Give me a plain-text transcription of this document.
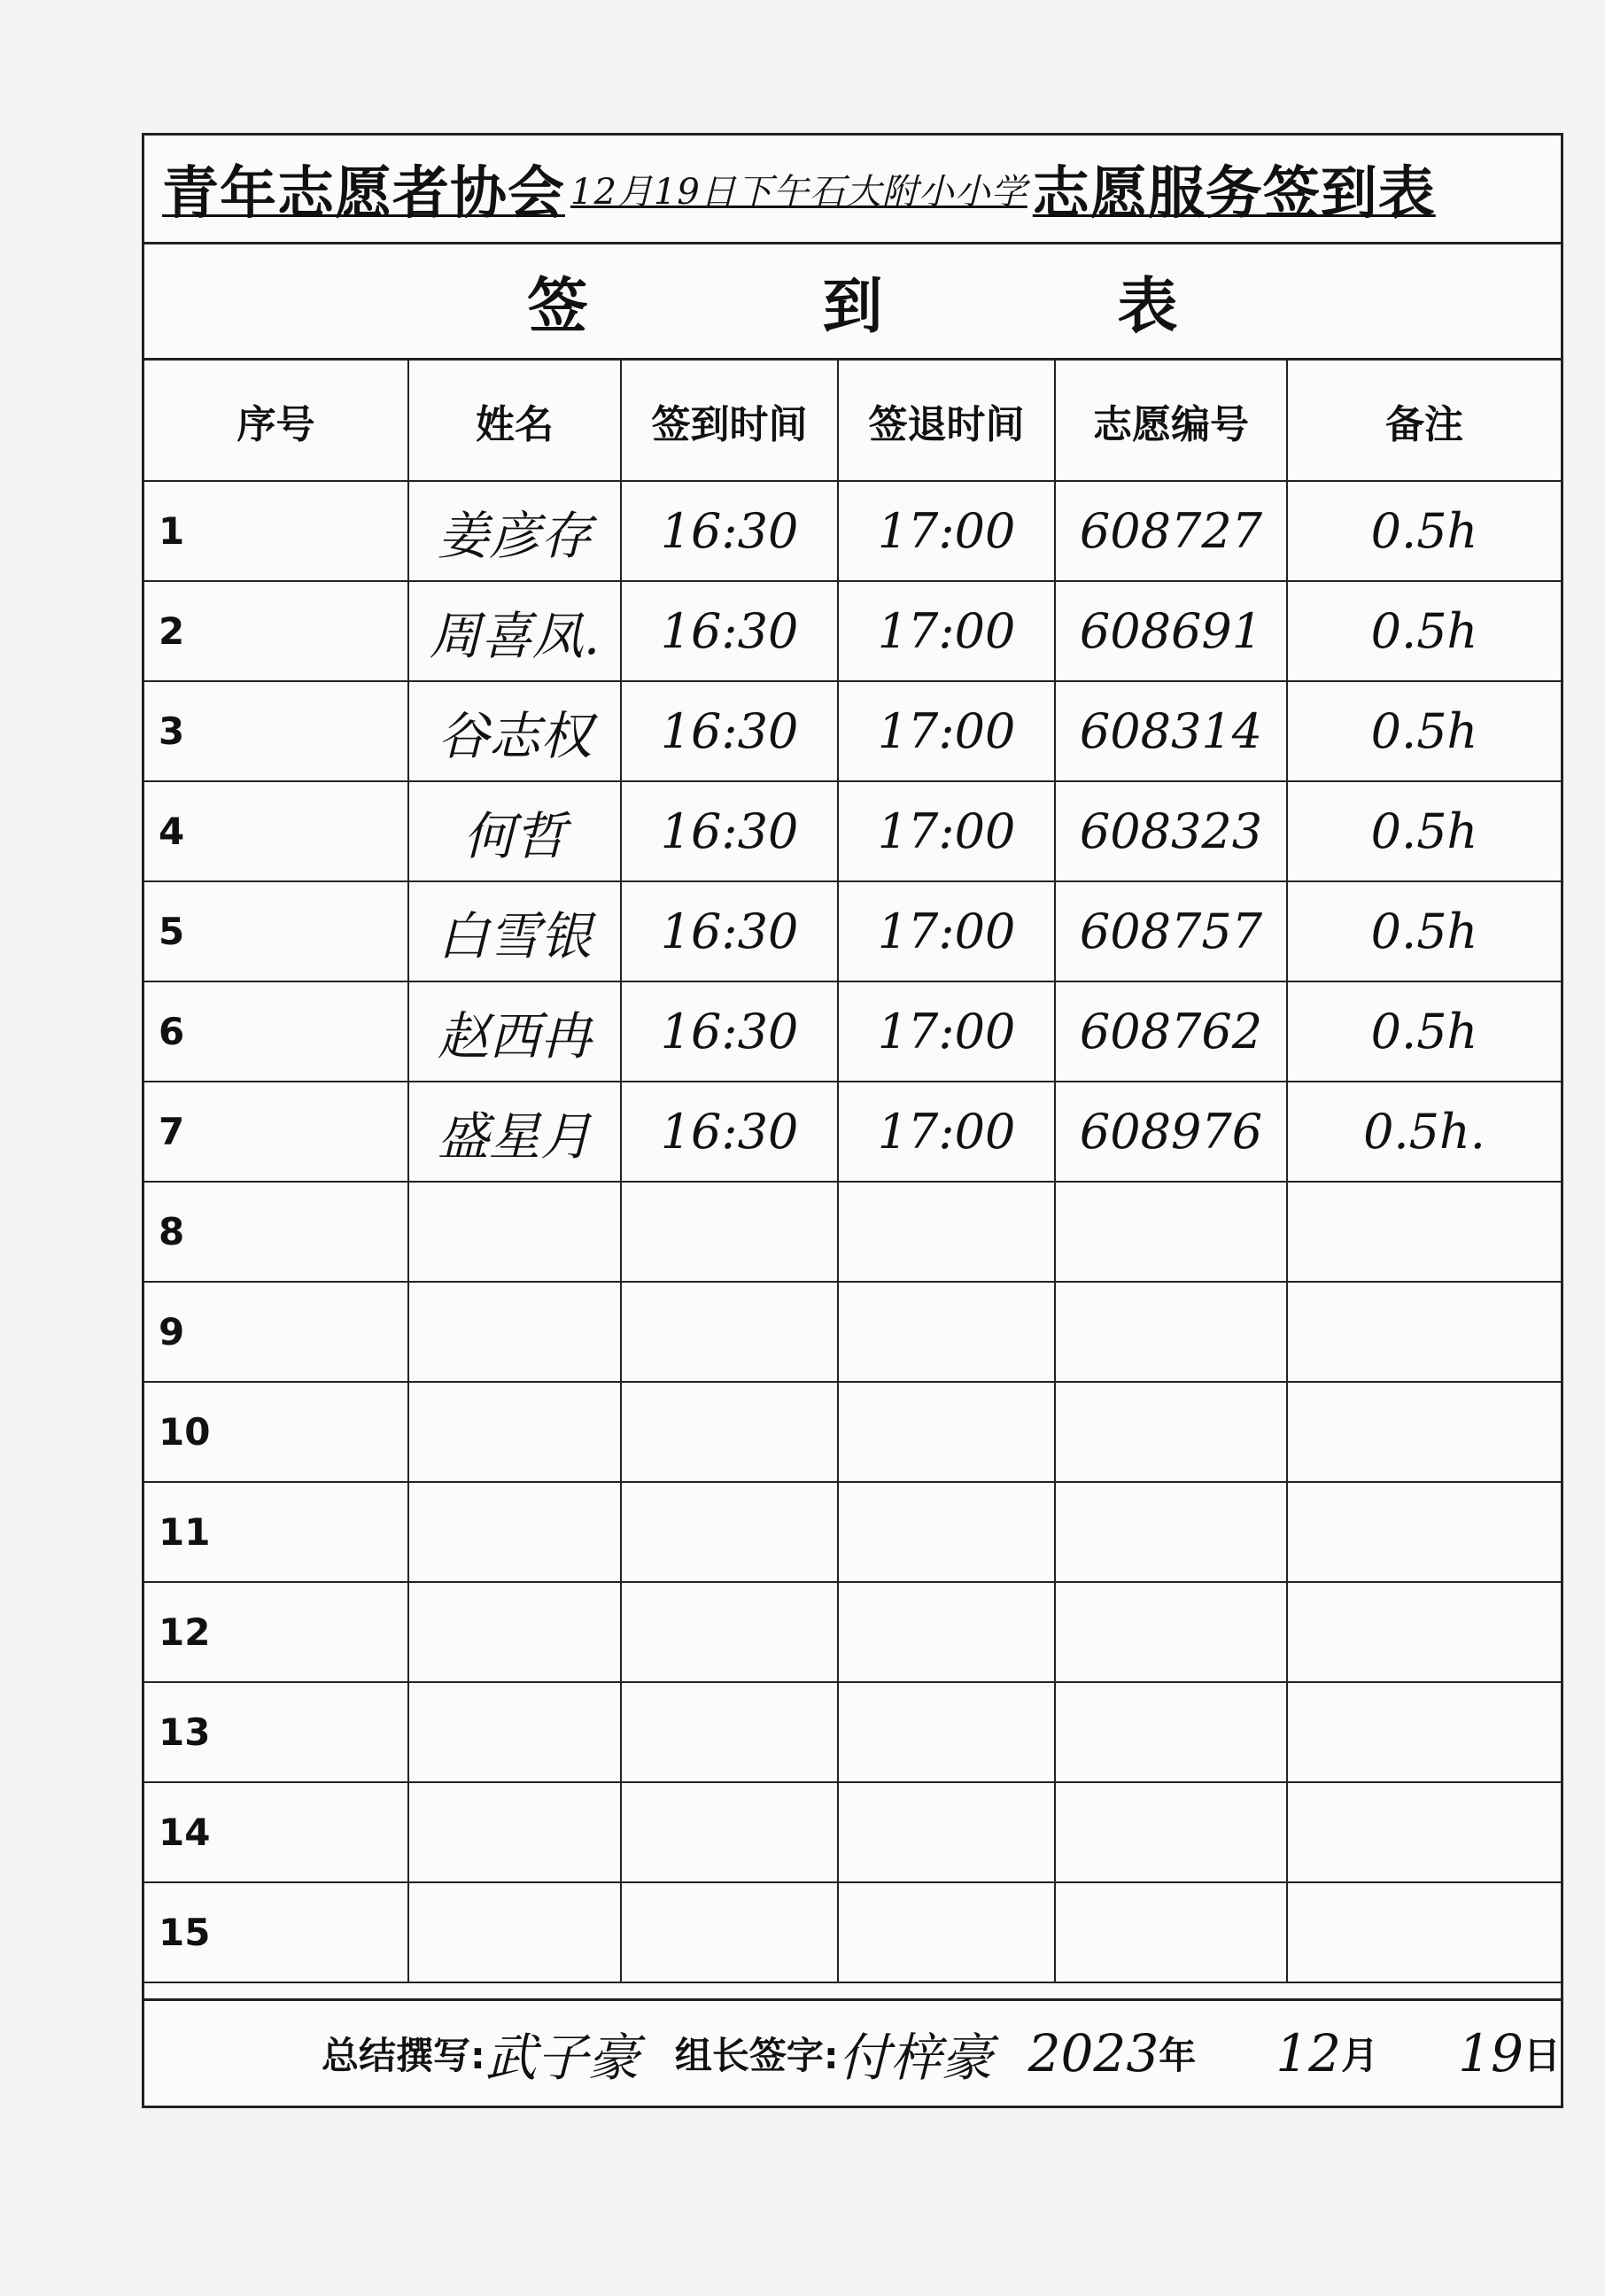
青年志愿者协会 12月19日下午石大附小小学 志愿服务签到表
签	到	表
序号	姓名	签到时间	签退时间	志愿编号	备注
1	姜彦存	16:30	17:00	608727	0.5h
2	周喜凤.	16:30	17:00	608691	0.5h
3	谷志权	16:30	17:00	608314	0.5h
4	何哲	16:30	17:00	608323	0.5h
5	白雪银	16:30	17:00	608757	0.5h
6	赵西冉	16:30	17:00	608762	0.5h
7	盛星月	16:30	17:00	608976	0.5h.
8					
9					
10					
11					
12					
13					
14					
15					
总结撰写: 武子豪 组长签字: 付梓豪 2023 年 12 月 19 日
